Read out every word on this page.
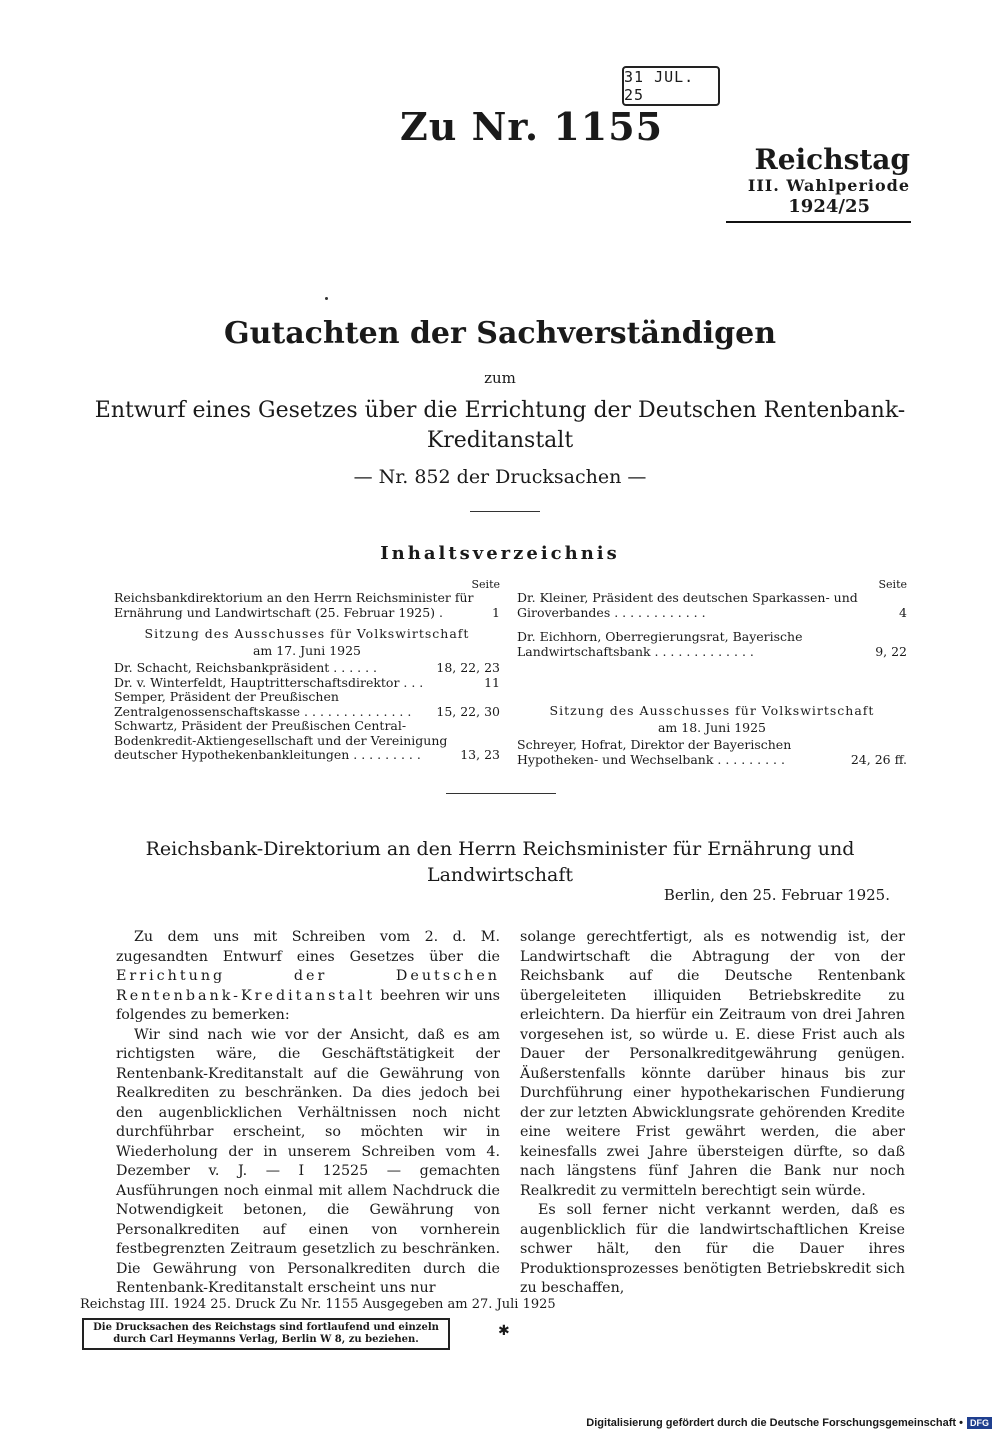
31 JUL. 25
Zu Nr. 1155
Reichstag
III. Wahlperiode
1924/25
Gutachten der Sachverständigen
zum
Entwurf eines Gesetzes über die Errichtung der Deutschen Rentenbank-Kreditanstalt
— Nr. 852 der Drucksachen —
Inhaltsverzeichnis
Seite
Reichsbankdirektorium an den Herrn Reichsminister für Ernährung und Landwirtschaft (25. Februar 1925) .	1
Sitzung des Ausschusses für Volkswirtschaft
am 17. Juni 1925
Dr. Schacht, Reichsbankpräsident . . . . . .	18, 22, 23
Dr. v. Winterfeldt, Hauptritterschaftsdirektor . . .	11
Semper, Präsident der Preußischen Zentralgenossenschaftskasse . . . . . . . . . . . . . .	15, 22, 30
Schwartz, Präsident der Preußischen Central-Bodenkredit-Aktiengesellschaft und der Vereinigung deutscher Hypothekenbankleitungen . . . . . . . . .	13, 23
Seite
Dr. Kleiner, Präsident des deutschen Sparkassen- und Giroverbandes . . . . . . . . . . . .	4
Dr. Eichhorn, Oberregierungsrat, Bayerische Landwirtschaftsbank . . . . . . . . . . . . .	9, 22
Sitzung des Ausschusses für Volkswirtschaft
am 18. Juni 1925
Schreyer, Hofrat, Direktor der Bayerischen Hypotheken- und Wechselbank . . . . . . . . .	24, 26 ff.
Reichsbank-Direktorium an den Herrn Reichsminister für Ernährung und Landwirtschaft
Berlin, den 25. Februar 1925.

Zu dem uns mit Schreiben vom 2. d. M. zugesandten Entwurf eines Gesetzes über die Errichtung der Deutschen Rentenbank-Kreditanstalt beehren wir uns folgendes zu bemerken:

Wir sind nach wie vor der Ansicht, daß es am richtigsten wäre, die Geschäftstätigkeit der Rentenbank-Kreditanstalt auf die Gewährung von Realkrediten zu beschränken. Da dies jedoch bei den augenblicklichen Verhältnissen noch nicht durchführbar erscheint, so möchten wir in Wiederholung der in unserem Schreiben vom 4. Dezember v. J. — I 12525 — gemachten Ausführungen noch einmal mit allem Nachdruck die Notwendigkeit betonen, die Gewährung von Personalkrediten auf einen von vornherein festbegrenzten Zeitraum gesetzlich zu beschränken. Die Gewährung von Personalkrediten durch die Rentenbank-Kreditanstalt erscheint uns nur

solange gerechtfertigt, als es notwendig ist, der Landwirtschaft die Abtragung der von der Reichsbank auf die Deutsche Rentenbank übergeleiteten illiquiden Betriebskredite zu erleichtern. Da hierfür ein Zeitraum von drei Jahren vorgesehen ist, so würde u. E. diese Frist auch als Dauer der Personalkreditgewährung genügen. Äußerstenfalls könnte darüber hinaus bis zur Durchführung einer hypothekarischen Fundierung der zur letzten Abwicklungsrate gehörenden Kredite eine weitere Frist gewährt werden, die aber keinesfalls zwei Jahre übersteigen dürfte, so daß nach längstens fünf Jahren die Bank nur noch Realkredit zu vermitteln berechtigt sein würde.

Es soll ferner nicht verkannt werden, daß es augenblicklich für die landwirtschaftlichen Kreise schwer hält, den für die Dauer ihres Produktionsprozesses benötigten Betriebskredit sich zu beschaffen,

Reichstag III. 1924 25. Druck Zu Nr. 1155 Ausgegeben am 27. Juli 1925
Die Drucksachen des Reichstags sind fortlaufend und einzeln durch Carl Heymanns Verlag, Berlin W 8, zu beziehen.
✱
Digitalisierung gefördert durch die Deutsche Forschungsgemeinschaft • DFG
